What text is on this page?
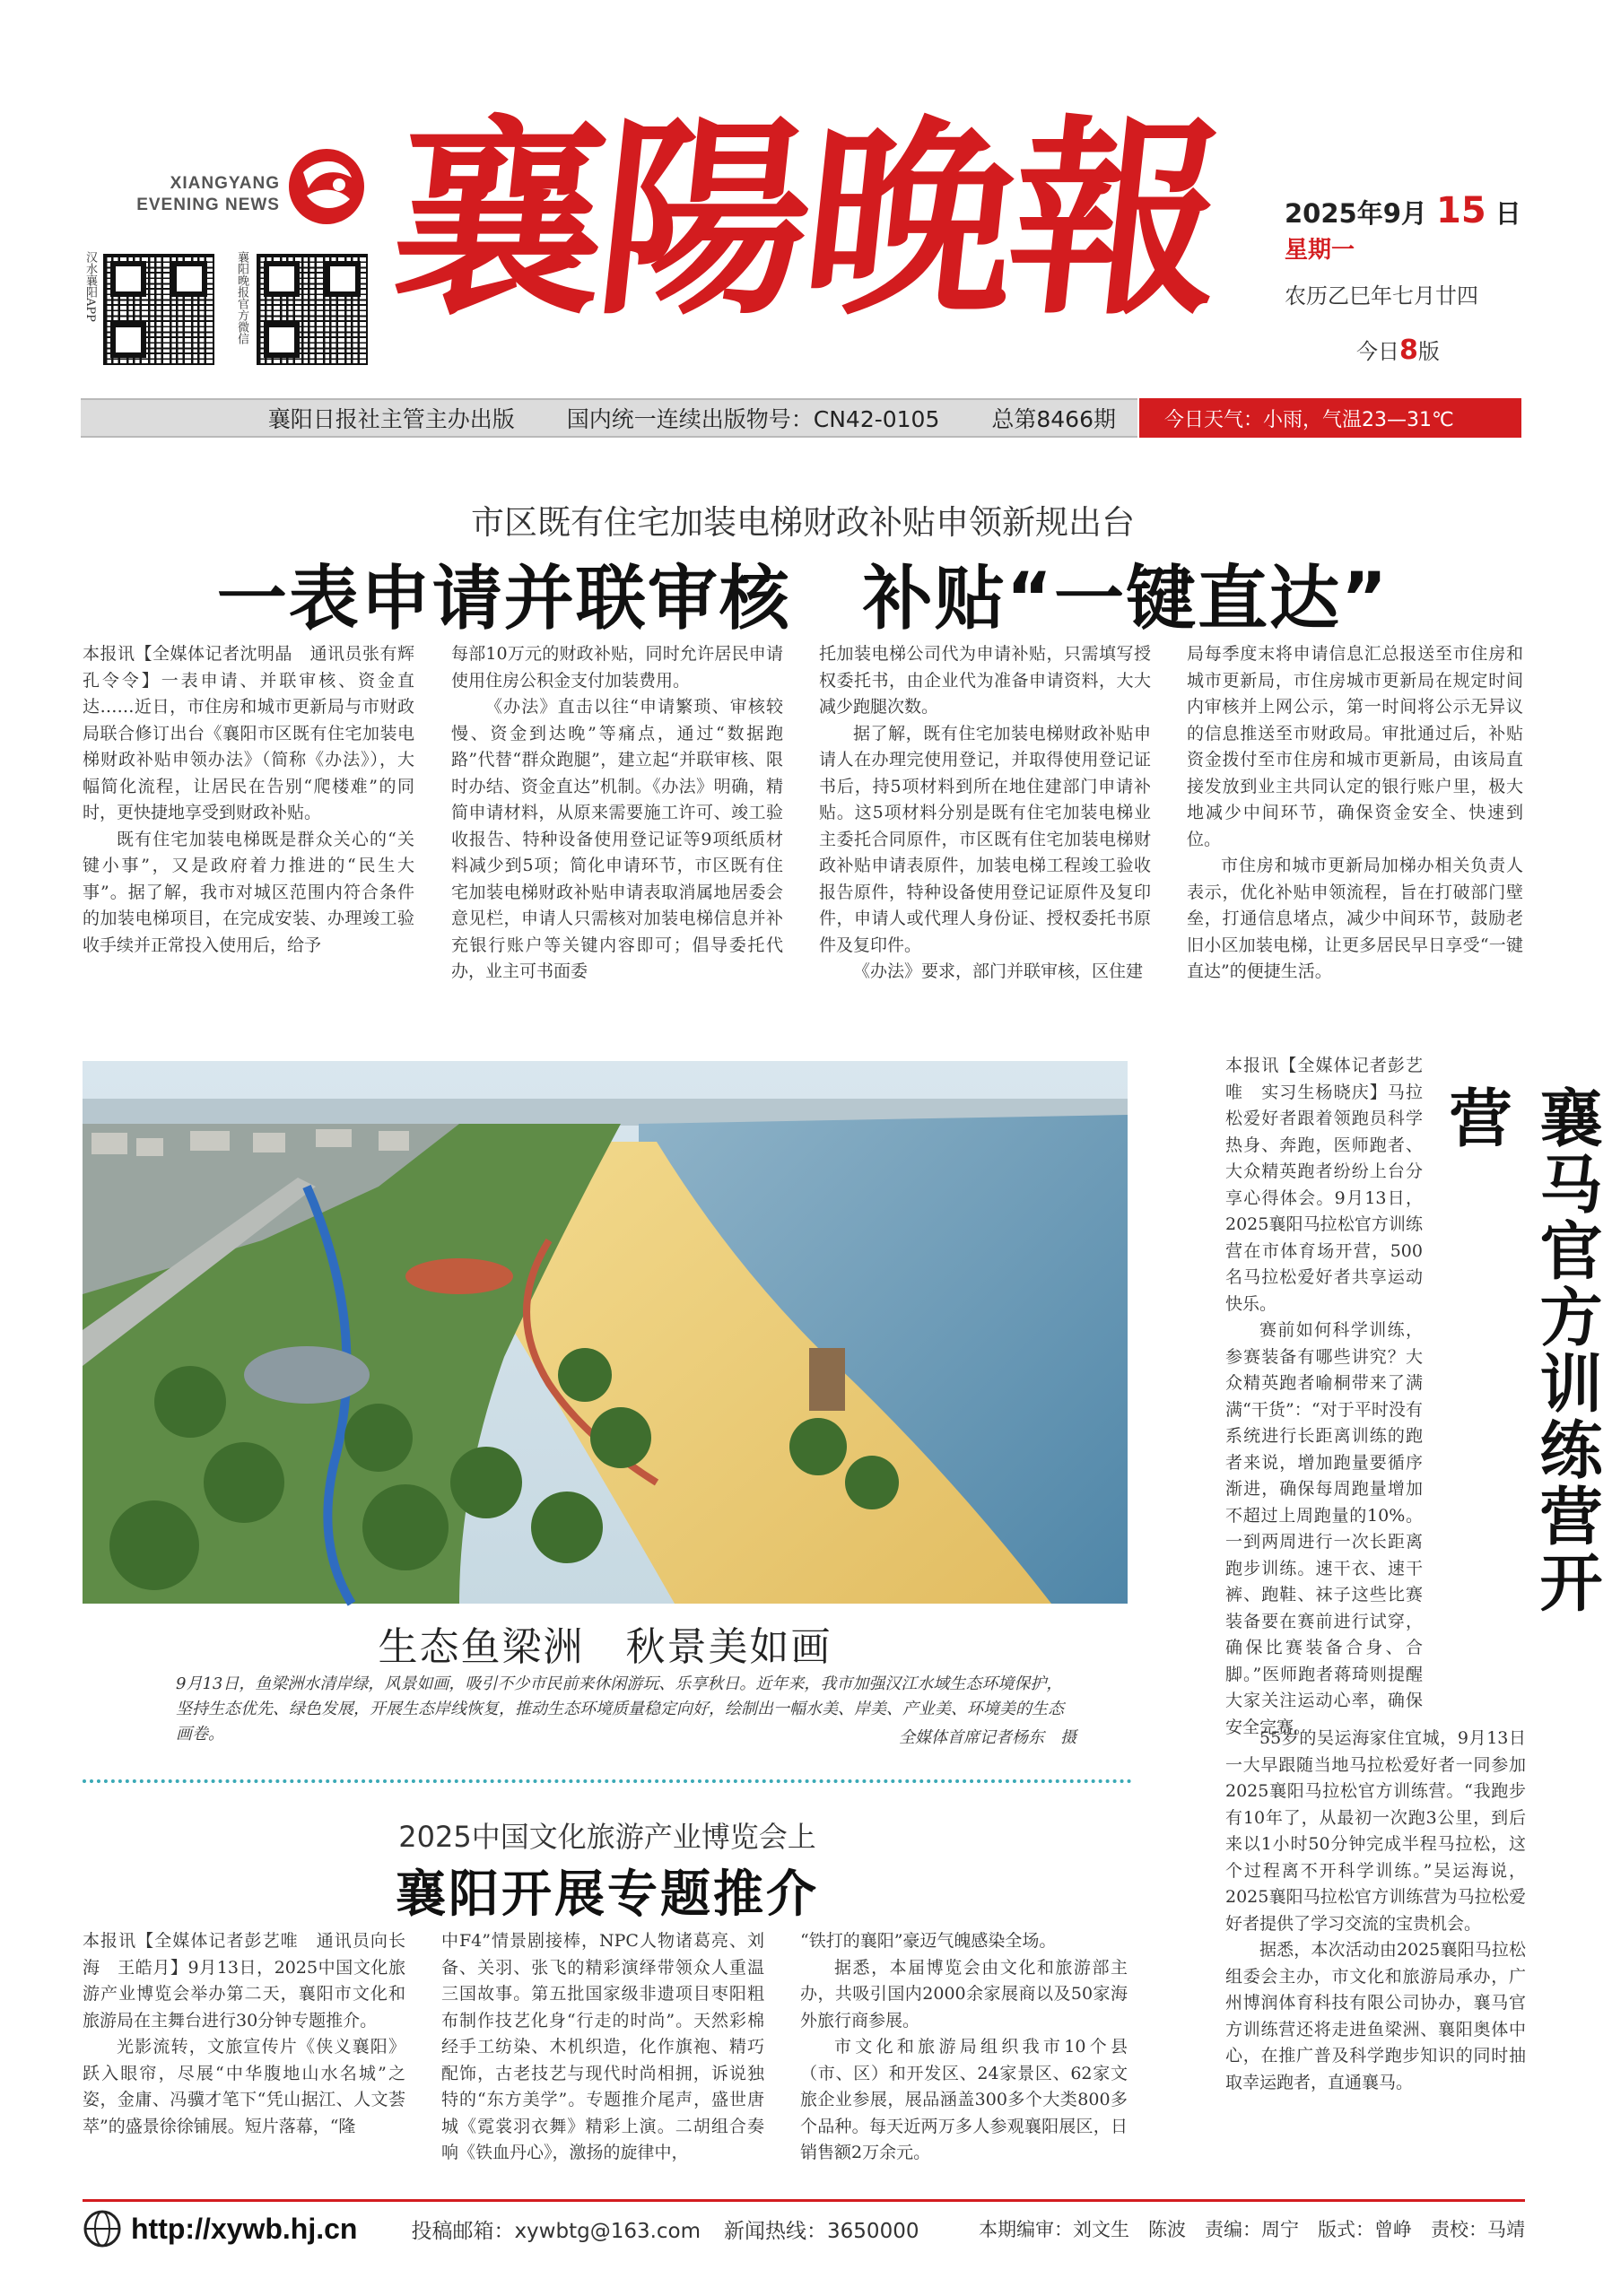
汉水襄阳APP	襄阳晚报官方微信
XIANGYANG
EVENING NEWS 襄陽晚報	2025年9月 15 日
星期一
农历乙巳年七月廿四
今日8版
襄阳日报社主管主办出版 国内统一连续出版物号：CN42-0105 总第8466期	今日天气：小雨，气温23—31℃
市区既有住宅加装电梯财政补贴申领新规出台
一表申请并联审核　补贴“一键直达”

本报讯【全媒体记者沈明晶　通讯员张有辉　孔令令】一表申请、并联审核、资金直达……近日，市住房和城市更新局与市财政局联合修订出台《襄阳市区既有住宅加装电梯财政补贴申领办法》（简称《办法》），大幅简化流程，让居民在告别“爬楼难”的同时，更快捷地享受到财政补贴。

既有住宅加装电梯既是群众关心的“关键小事”，又是政府着力推进的“民生大事”。据了解，我市对城区范围内符合条件的加装电梯项目，在完成安装、办理竣工验收手续并正常投入使用后，给予

每部10万元的财政补贴，同时允许居民申请使用住房公积金支付加装费用。

《办法》直击以往“申请繁琐、审核较慢、资金到达晚”等痛点，通过“数据跑路”代替“群众跑腿”，建立起“并联审核、限时办结、资金直达”机制。《办法》明确，精简申请材料，从原来需要施工许可、竣工验收报告、特种设备使用登记证等9项纸质材料减少到5项；简化申请环节，市区既有住宅加装电梯财政补贴申请表取消属地居委会意见栏，申请人只需核对加装电梯信息并补充银行账户等关键内容即可；倡导委托代办，业主可书面委

托加装电梯公司代为申请补贴，只需填写授权委托书，由企业代为准备申请资料，大大减少跑腿次数。

据了解，既有住宅加装电梯财政补贴申请人在办理完使用登记，并取得使用登记证书后，持5项材料到所在地住建部门申请补贴。这5项材料分别是既有住宅加装电梯业主委托合同原件，市区既有住宅加装电梯财政补贴申请表原件，加装电梯工程竣工验收报告原件，特种设备使用登记证原件及复印件，申请人或代理人身份证、授权委托书原件及复印件。

《办法》要求，部门并联审核，区住建

局每季度末将申请信息汇总报送至市住房和城市更新局，市住房城市更新局在规定时间内审核并上网公示，第一时间将公示无异议的信息推送至市财政局。审批通过后，补贴资金拨付至市住房和城市更新局，由该局直接发放到业主共同认定的银行账户里，极大地减少中间环节，确保资金安全、快速到位。

市住房和城市更新局加梯办相关负责人表示，优化补贴申领流程，旨在打破部门壁垒，打通信息堵点，减少中间环节，鼓励老旧小区加装电梯，让更多居民早日享受“一键直达”的便捷生活。

生态鱼梁洲　秋景美如画
9月13日，鱼梁洲水清岸绿，风景如画，吸引不少市民前来休闲游玩、乐享秋日。近年来，我市加强汉江水域生态环境保护，坚持生态优先、绿色发展，开展生态岸线恢复，推动生态环境质量稳定向好，绘制出一幅水美、岸美、产业美、环境美的生态画卷。	全媒体首席记者杨东　摄
襄马官方训练营开营

本报讯【全媒体记者彭艺唯　实习生杨晓庆】马拉松爱好者跟着领跑员科学热身、奔跑，医师跑者、大众精英跑者纷纷上台分享心得体会。9月13日，2025襄阳马拉松官方训练营在市体育场开营，500名马拉松爱好者共享运动快乐。

赛前如何科学训练，参赛装备有哪些讲究？大众精英跑者喻桐带来了满满“干货”：“对于平时没有系统进行长距离训练的跑者来说，增加跑量要循序渐进，确保每周跑量增加不超过上周跑量的10%。一到两周进行一次长距离跑步训练。速干衣、速干裤、跑鞋、袜子这些比赛装备要在赛前进行试穿，确保比赛装备合身、合脚。”医师跑者蒋琦则提醒大家关注运动心率，确保安全完赛。

55岁的吴运海家住宜城，9月13日一大早跟随当地马拉松爱好者一同参加2025襄阳马拉松官方训练营。“我跑步有10年了，从最初一次跑3公里，到后来以1小时50分钟完成半程马拉松，这个过程离不开科学训练。”吴运海说，2025襄阳马拉松官方训练营为马拉松爱好者提供了学习交流的宝贵机会。

据悉，本次活动由2025襄阳马拉松组委会主办，市文化和旅游局承办，广州博润体育科技有限公司协办，襄马官方训练营还将走进鱼梁洲、襄阳奥体中心，在推广普及科学跑步知识的同时抽取幸运跑者，直通襄马。

2025中国文化旅游产业博览会上
襄阳开展专题推介

本报讯【全媒体记者彭艺唯　通讯员向长海　王皓月】9月13日，2025中国文化旅游产业博览会举办第二天，襄阳市文化和旅游局在主舞台进行30分钟专题推介。

光影流转，文旅宣传片《侠义襄阳》跃入眼帘，尽展“中华腹地山水名城”之姿，金庸、冯骥才笔下“凭山据江、人文荟萃”的盛景徐徐铺展。短片落幕，“隆

中F4”情景剧接棒，NPC人物诸葛亮、刘备、关羽、张飞的精彩演绎带领众人重温三国故事。第五批国家级非遗项目枣阳粗布制作技艺化身“行走的时尚”。天然彩棉经手工纺染、木机织造，化作旗袍、精巧配饰，古老技艺与现代时尚相拥，诉说独特的“东方美学”。专题推介尾声，盛世唐城《霓裳羽衣舞》精彩上演。二胡组合奏响《铁血丹心》，激扬的旋律中，

“铁打的襄阳”豪迈气魄感染全场。

据悉，本届博览会由文化和旅游部主办，共吸引国内2000余家展商以及50家海外旅行商参展。

市文化和旅游局组织我市10个县（市、区）和开发区、24家景区、62家文旅企业参展，展品涵盖300多个大类800多个品种。每天近两万多人参观襄阳展区，日销售额2万余元。

http://xywb.hj.cn	投稿邮箱：xywbtg@163.com 新闻热线：3650000	本期编审：刘文生　陈波　责编：周宁　版式：曾峥　责校：马靖
